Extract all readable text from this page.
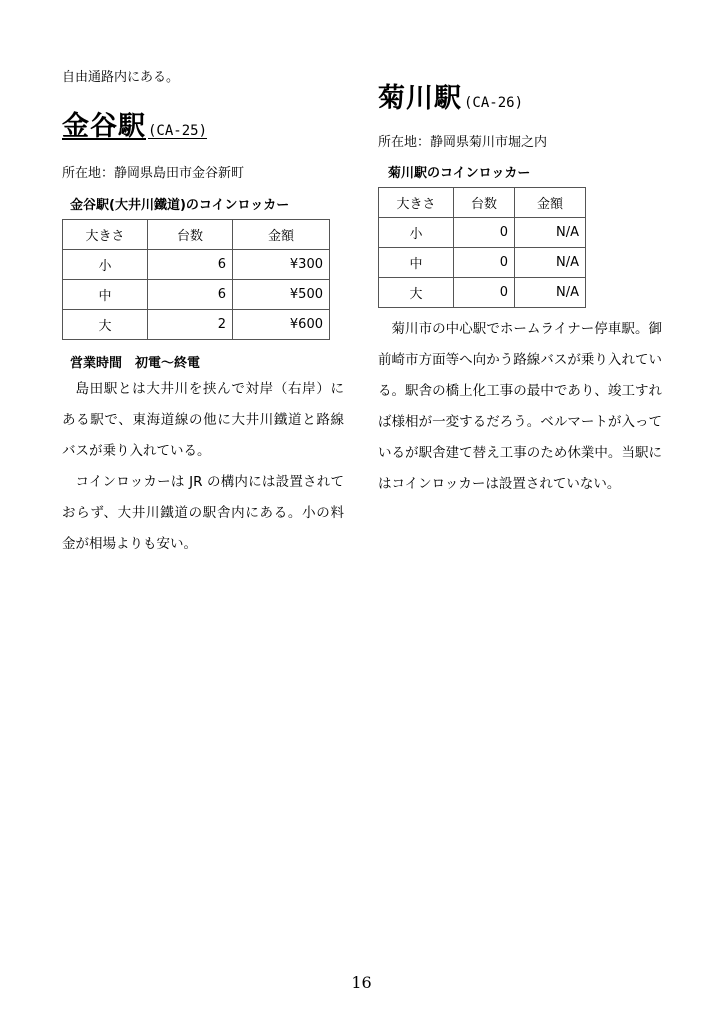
自由通路内にある。
金谷駅 (CA-25)
所在地：静岡県島田市金谷新町
金谷駅(大井川鐵道)のコインロッカー
大きさ	台数	金額
小	6	¥300
中	6	¥500
大	2	¥600
営業時間　初電～終電
島田駅とは大井川を挟んで対岸（右岸）にある駅で、東海道線の他に大井川鐵道と路線バスが乗り入れている。
コインロッカーは JR の構内には設置されておらず、大井川鐵道の駅舎内にある。小の料金が相場よりも安い。
菊川駅 (CA-26)
所在地：静岡県菊川市堀之内
菊川駅のコインロッカー
大きさ	台数	金額
小	0	N/A
中	0	N/A
大	0	N/A
菊川市の中心駅でホームライナー停車駅。御前崎市方面等へ向かう路線バスが乗り入れている。駅舎の橋上化工事の最中であり、竣工すれば様相が一変するだろう。ベルマートが入っているが駅舎建て替え工事のため休業中。当駅にはコインロッカーは設置されていない。
16
